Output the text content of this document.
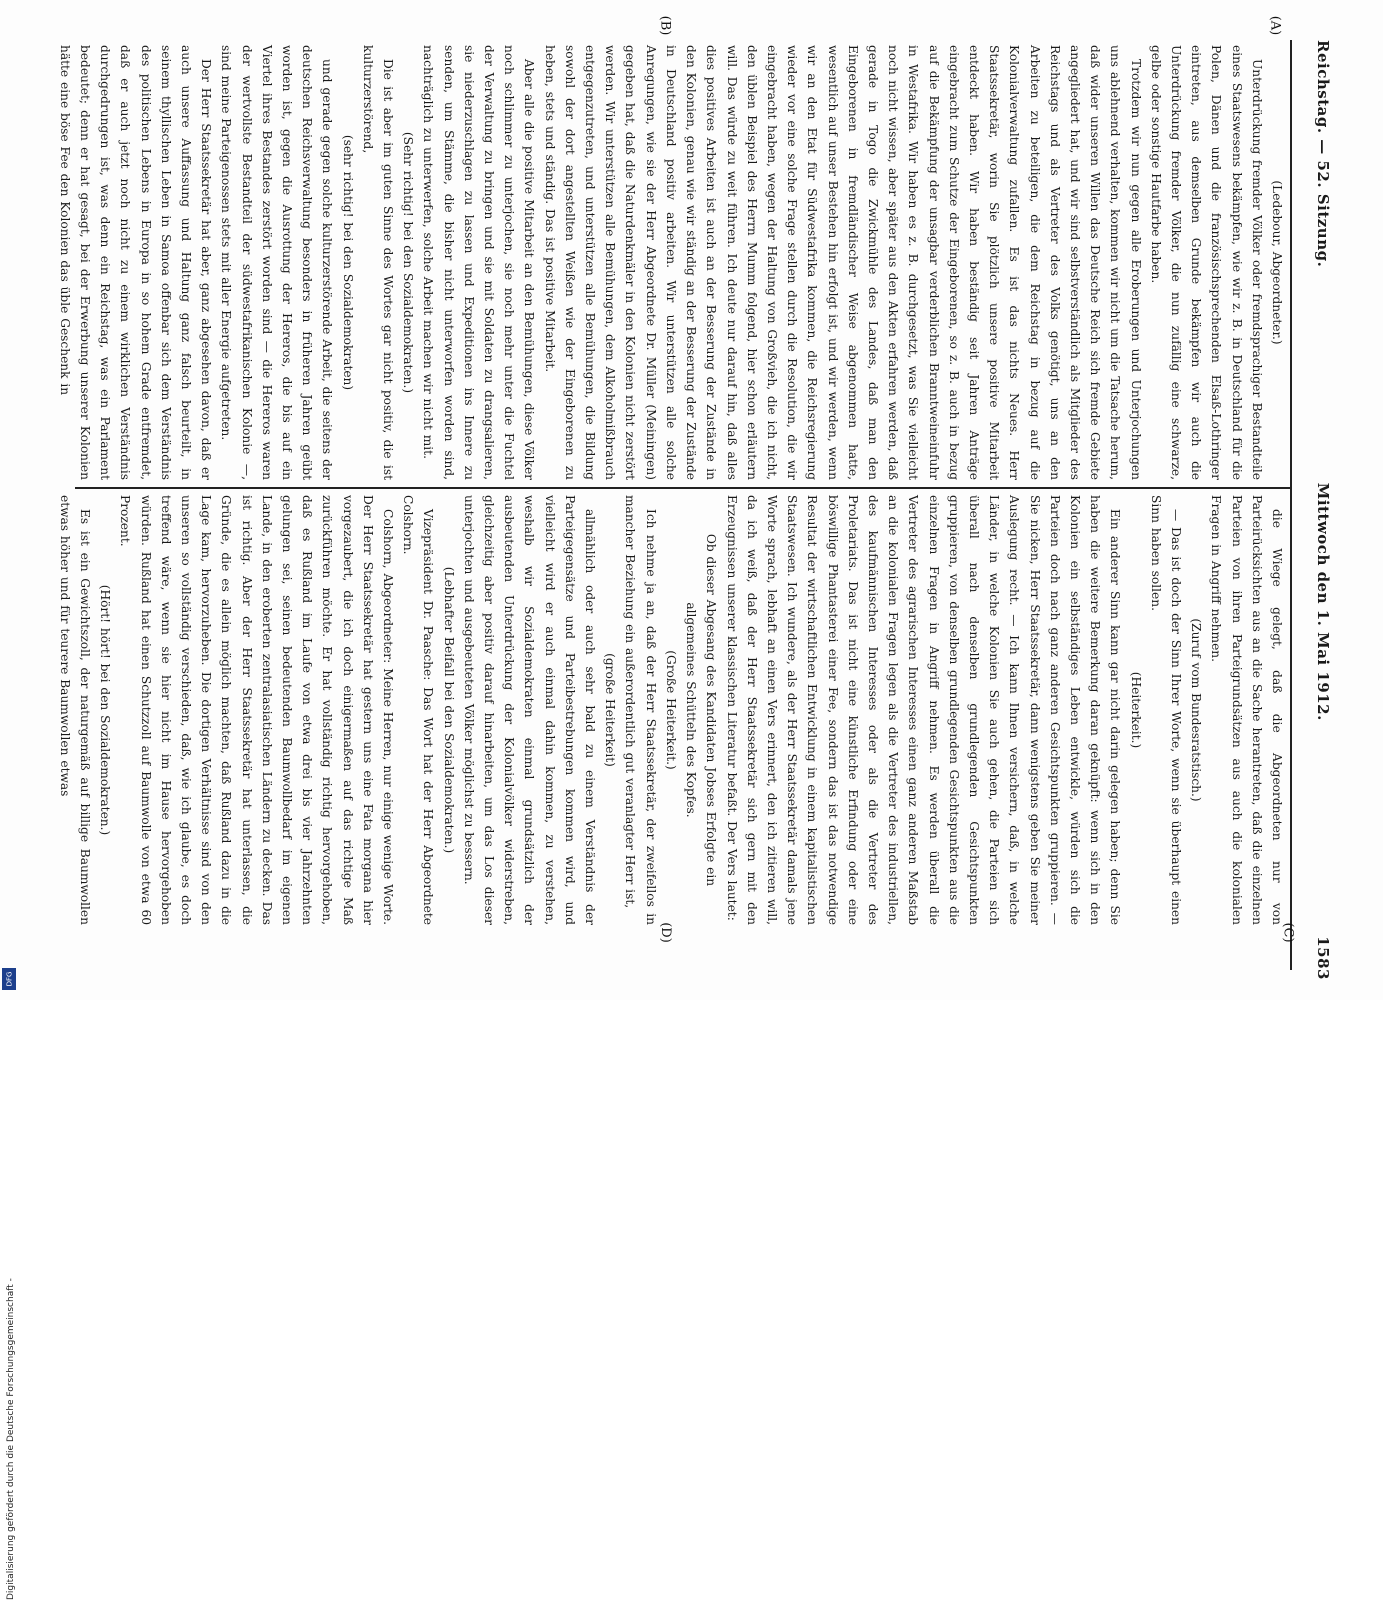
Reichstag. — 52. Sitzung.
Mittwoch den 1. Mai 1912.
1583
(A)
(B)
(C)
(D)

(Ledebour, Abgeordneter.)

Unterdrückung fremder Völker oder fremdsprachiger Bestandteile eines Staatswesens bekämpfen, wie wir z. B. in Deutschland für die Polen, Dänen und die französischsprechenden Elsaß-Lothringer eintreten, aus demselben Grunde bekämpfen wir auch die Unterdrückung fremder Völker, die nun zufällig eine schwarze, gelbe oder sonstige Hautfarbe haben.

Trotzdem wir nun gegen alle Eroberungen und Unterjochungen uns ablehnend verhalten, kommen wir nicht um die Tatsache herum, daß wider unseren Willen das Deutsche Reich sich fremde Gebiete angegliedert hat, und wir sind selbstverständlich als Mitglieder des Reichstags und als Vertreter des Volks genötigt, uns an den Arbeiten zu beteiligen, die dem Reichstag in bezug auf die Kolonialverwaltung zufallen. Es ist das nichts Neues. Herr Staatssekretär, worin Sie plötzlich unsere positive Mitarbeit entdeckt haben. Wir haben beständig seit Jahren Anträge eingebracht zum Schutze der Eingeborenen, so z. B. auch in bezug auf die Bekämpfung der unsagbar verderblichen Branntweineinfuhr in Westafrika. Wir haben es z. B. durchgesetzt, was Sie vielleicht noch nicht wissen, aber später aus den Akten erfahren werden, daß gerade in Togo die Zwickmühle des Landes, daß man den Eingeborenen in fremdländischer Weise abgenommen hatte, wesentlich auf unser Bestehen hin erfolgt ist, und wir werden, wenn wir an den Etat für Südwestafrika kommen, die Reichsregierung wieder vor eine solche Frage stellen durch die Resolution, die wir eingebracht haben, wegen der Haltung von Großvieh, die ich nicht, den üblen Beispiel des Herrn Mumm folgend, hier schon erläutern will. Das würde zu weit führen. Ich deute nur darauf hin, daß alles dies positives Arbeiten ist auch an der Besserung der Zustände in den Kolonien, genau wie wir ständig an der Besserung der Zustände in Deutschland positiv arbeiten. Wir unterstützen alle solche Anregungen, wie sie der Herr Abgeordnete Dr. Müller (Meiningen) gegeben hat, daß die Naturdenkmäler in den Kolonien nicht zerstört werden. Wir unterstützen alle Bemühungen, dem Alkoholmißbrauch entgegenzutreten, und unterstützen alle Bemühungen, die Bildung sowohl der dort angestellten Weißen wie der Eingeborenen zu heben, stets und ständig. Das ist positive Mitarbeit.

Aber alle die positive Mitarbeit an den Bemühungen, diese Völker noch schlimmer zu unterjochen, sie noch mehr unter die Fuchtel der Verwaltung zu bringen und sie mit Soldaten zu drangsalieren, sie niederzuschlagen zu lassen und Expeditionen ins Innere zu senden, um Stämme, die bisher nicht unterworfen worden sind, nachträglich zu unterwerfen, solche Arbeit machen wir nicht mit.

(Sehr richtig! bei den Sozialdemokraten.)

Die ist aber im guten Sinne des Wortes gar nicht positiv, die ist kulturzerstörend,

(sehr richtig! bei den Sozialdemokraten)

und gerade gegen solche kulturzerstörende Arbeit, die seitens der deutschen Reichsverwaltung besonders in früheren Jahren geübt worden ist, gegen die Ausrottung der Hereros, die bis auf ein Viertel ihres Bestandes zerstört worden sind — die Hereros waren der wertvollste Bestandteil der südwestafrikanischen Kolonie —, sind meine Parteigenossen stets mit aller Energie aufgetreten.

Der Herr Staatssekretär hat aber, ganz abgesehen davon, daß er auch unsere Auffassung und Haltung ganz falsch beurteilt, in seinem thyllischen Leben in Samoa offenbar sich dem Verständnis des politischen Lebens in Europa in so hohem Grade entfremdet, daß er auch jetzt noch nicht zu einem wirklichen Verständnis durchgedrungen ist, was denn ein Reichstag, was ein Parlament bedeutet; denn er hat gesagt, bei der Erwerbung unserer Kolonien hätte eine böse Fee den Kolonien das üble Geschenk in

die Wiege gelegt, daß die Abgeordneten nur von Parteirücksichten aus an die Sache herantreten, daß die einzelnen Parteien von ihren Parteigrundsätzen aus auch die kolonialen Fragen in Angriff nehmen.

(Zuruf vom Bundesratstisch.)

— Das ist doch der Sinn Ihrer Worte, wenn sie überhaupt einen Sinn haben sollen.

(Heiterkeit.)

Ein anderer Sinn kann gar nicht darin gelegen haben; denn Sie haben die weitere Bemerkung daran geknüpft: wenn sich in den Kolonien ein selbständiges Leben entwickle, würden sich die Parteien doch nach ganz anderen Gesichtspunkten gruppieren. — Sie nicken, Herr Staatssekretär, dann wenigstens geben Sie meiner Auslegung recht. — Ich kann Ihnen versichern, daß, in welche Länder, in welche Kolonien Sie auch gehen, die Parteien sich überall nach denselben grundlegenden Gesichtspunkten gruppieren, von denselben grundlegenden Gesichtspunkten aus die einzelnen Fragen in Angriff nehmen. Es werden überall die Vertreter des agrarischen Interesses einen ganz anderen Maßstab an die kolonialen Fragen legen als die Vertreter des industriellen, des kaufmännischen Interesses oder als die Vertreter des Proletariats. Das ist nicht eine künstliche Erfindung oder eine böswillige Phantasterei einer Fee, sondern das ist das notwendige Resultat der wirtschaftlichen Entwicklung in einem kapitalistischen Staatswesen. Ich wundere, als der Herr Staatssekretär damals jene Worte sprach, lebhaft an einen Vers erinnert, den ich zitieren will, da ich weiß, daß der Herr Staatssekretär sich gern mit den Erzeugnissen unserer klassischen Literatur befaßt. Der Vers lautet:

Ob dieser Abgesang des Kandidaten Jobses Erfolgte ein allgemeines Schütteln des Kopfes.

(Große Heiterkeit.)

Ich nehme ja an, daß der Herr Staatssekretär, der zweifellos in mancher Beziehung ein außerordentlich gut veranlagter Herr ist,

(große Heiterkeit)

allmählich oder auch sehr bald zu einem Verständnis der Parteigegensätze und Parteibestrebungen kommen wird, und vielleicht wird er auch einmal dahin kommen, zu verstehen, weshalb wir Sozialdemokraten einmal grundsätzlich der ausbeutenden Unterdrückung der Kolonialvölker widerstreben, gleichzeitig aber positiv darauf hinarbeiten, um das Los dieser unterjochten und ausgebeuteten Völker möglichst zu bessern.

(Lebhafter Beifall bei den Sozialdemokraten.)

Vizepräsident Dr. Paasche: Das Wort hat der Herr Abgeordnete Colshorn.

Colshorn, Abgeordneter: Meine Herren, nur einige wenige Worte. Der Herr Staatssekretär hat gestern uns eine Fata morgana hier vorgezaubert, die ich doch einigermaßen auf das richtige Maß zurückführen möchte. Er hat vollständig richtig hervorgehoben, daß es Rußland im Laufe von etwa drei bis vier Jahrzehnten gelungen sei, seinen bedeutenden Baumwollbedarf im eigenen Lande, in den eroberten zentralasiatischen Ländern zu decken. Das ist richtig. Aber der Herr Staatssekretär hat unterlassen, die Gründe, die es allein möglich machten, daß Rußland dazu in die Lage kam, hervorzuheben. Die dortigen Verhältnisse sind von den unseren so vollständig verschieden, daß, wie ich glaube, es doch treffend wäre, wenn sie hier nicht im Hause hervorgehoben würden. Rußland hat einen Schutzzoll auf Baumwolle von etwa 60 Prozent.

(Hört! hört! bei den Sozialdemokraten.)

Es ist ein Gewichtszoll, der naturgemäß auf billige Baumwollen etwas höher und für teurere Baumwollen etwas

Digitalisierung gefördert durch die Deutsche Forschungsgemeinschaft -
DFG
